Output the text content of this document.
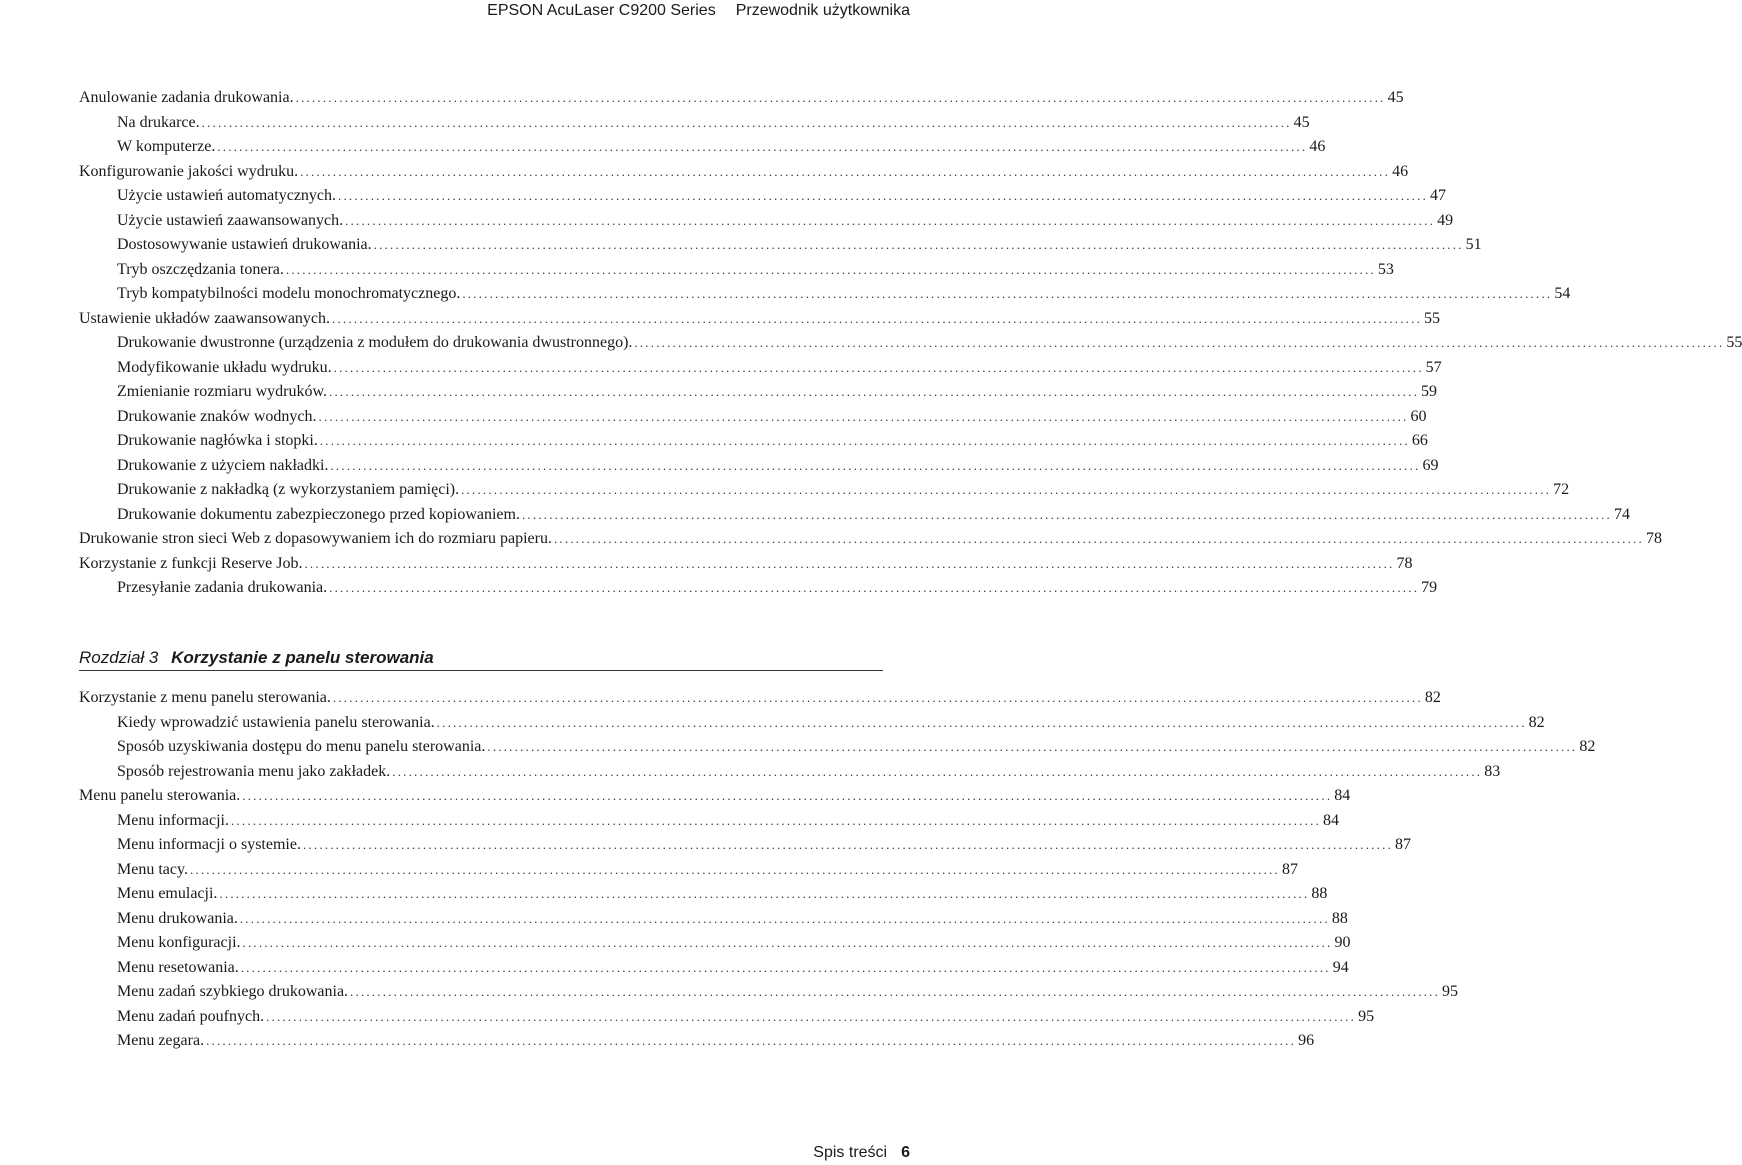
EPSON AcuLaser C9200 Series Przewodnik użytkownika
Anulowanie zadania drukowania. ........................................................................................................................................................................................................ 45
Na drukarce. ........................................................................................................................................................................................................ 45
W komputerze. ........................................................................................................................................................................................................ 46
Konfigurowanie jakości wydruku. ........................................................................................................................................................................................................ 46
Użycie ustawień automatycznych. ........................................................................................................................................................................................................ 47
Użycie ustawień zaawansowanych. ........................................................................................................................................................................................................ 49
Dostosowywanie ustawień drukowania. ........................................................................................................................................................................................................ 51
Tryb oszczędzania tonera. ........................................................................................................................................................................................................ 53
Tryb kompatybilności modelu monochromatycznego. ........................................................................................................................................................................................................ 54
Ustawienie układów zaawansowanych. ........................................................................................................................................................................................................ 55
Drukowanie dwustronne (urządzenia z modułem do drukowania dwustronnego). ........................................................................................................................................................................................................ 55
Modyfikowanie układu wydruku. ........................................................................................................................................................................................................ 57
Zmienianie rozmiaru wydruków. ........................................................................................................................................................................................................ 59
Drukowanie znaków wodnych. ........................................................................................................................................................................................................ 60
Drukowanie nagłówka i stopki. ........................................................................................................................................................................................................ 66
Drukowanie z użyciem nakładki. ........................................................................................................................................................................................................ 69
Drukowanie z nakładką (z wykorzystaniem pamięci). ........................................................................................................................................................................................................ 72
Drukowanie dokumentu zabezpieczonego przed kopiowaniem. ........................................................................................................................................................................................................ 74
Drukowanie stron sieci Web z dopasowywaniem ich do rozmiaru papieru. ........................................................................................................................................................................................................ 78
Korzystanie z funkcji Reserve Job. ........................................................................................................................................................................................................ 78
Przesyłanie zadania drukowania. ........................................................................................................................................................................................................ 79
Rozdział 3 Korzystanie z panelu sterowania
Korzystanie z menu panelu sterowania. ........................................................................................................................................................................................................ 82
Kiedy wprowadzić ustawienia panelu sterowania. ........................................................................................................................................................................................................ 82
Sposób uzyskiwania dostępu do menu panelu sterowania. ........................................................................................................................................................................................................ 82
Sposób rejestrowania menu jako zakładek. ........................................................................................................................................................................................................ 83
Menu panelu sterowania. ........................................................................................................................................................................................................ 84
Menu informacji. ........................................................................................................................................................................................................ 84
Menu informacji o systemie. ........................................................................................................................................................................................................ 87
Menu tacy. ........................................................................................................................................................................................................ 87
Menu emulacji. ........................................................................................................................................................................................................ 88
Menu drukowania. ........................................................................................................................................................................................................ 88
Menu konfiguracji. ........................................................................................................................................................................................................ 90
Menu resetowania. ........................................................................................................................................................................................................ 94
Menu zadań szybkiego drukowania. ........................................................................................................................................................................................................ 95
Menu zadań poufnych. ........................................................................................................................................................................................................ 95
Menu zegara. ........................................................................................................................................................................................................ 96
Spis treści 6
